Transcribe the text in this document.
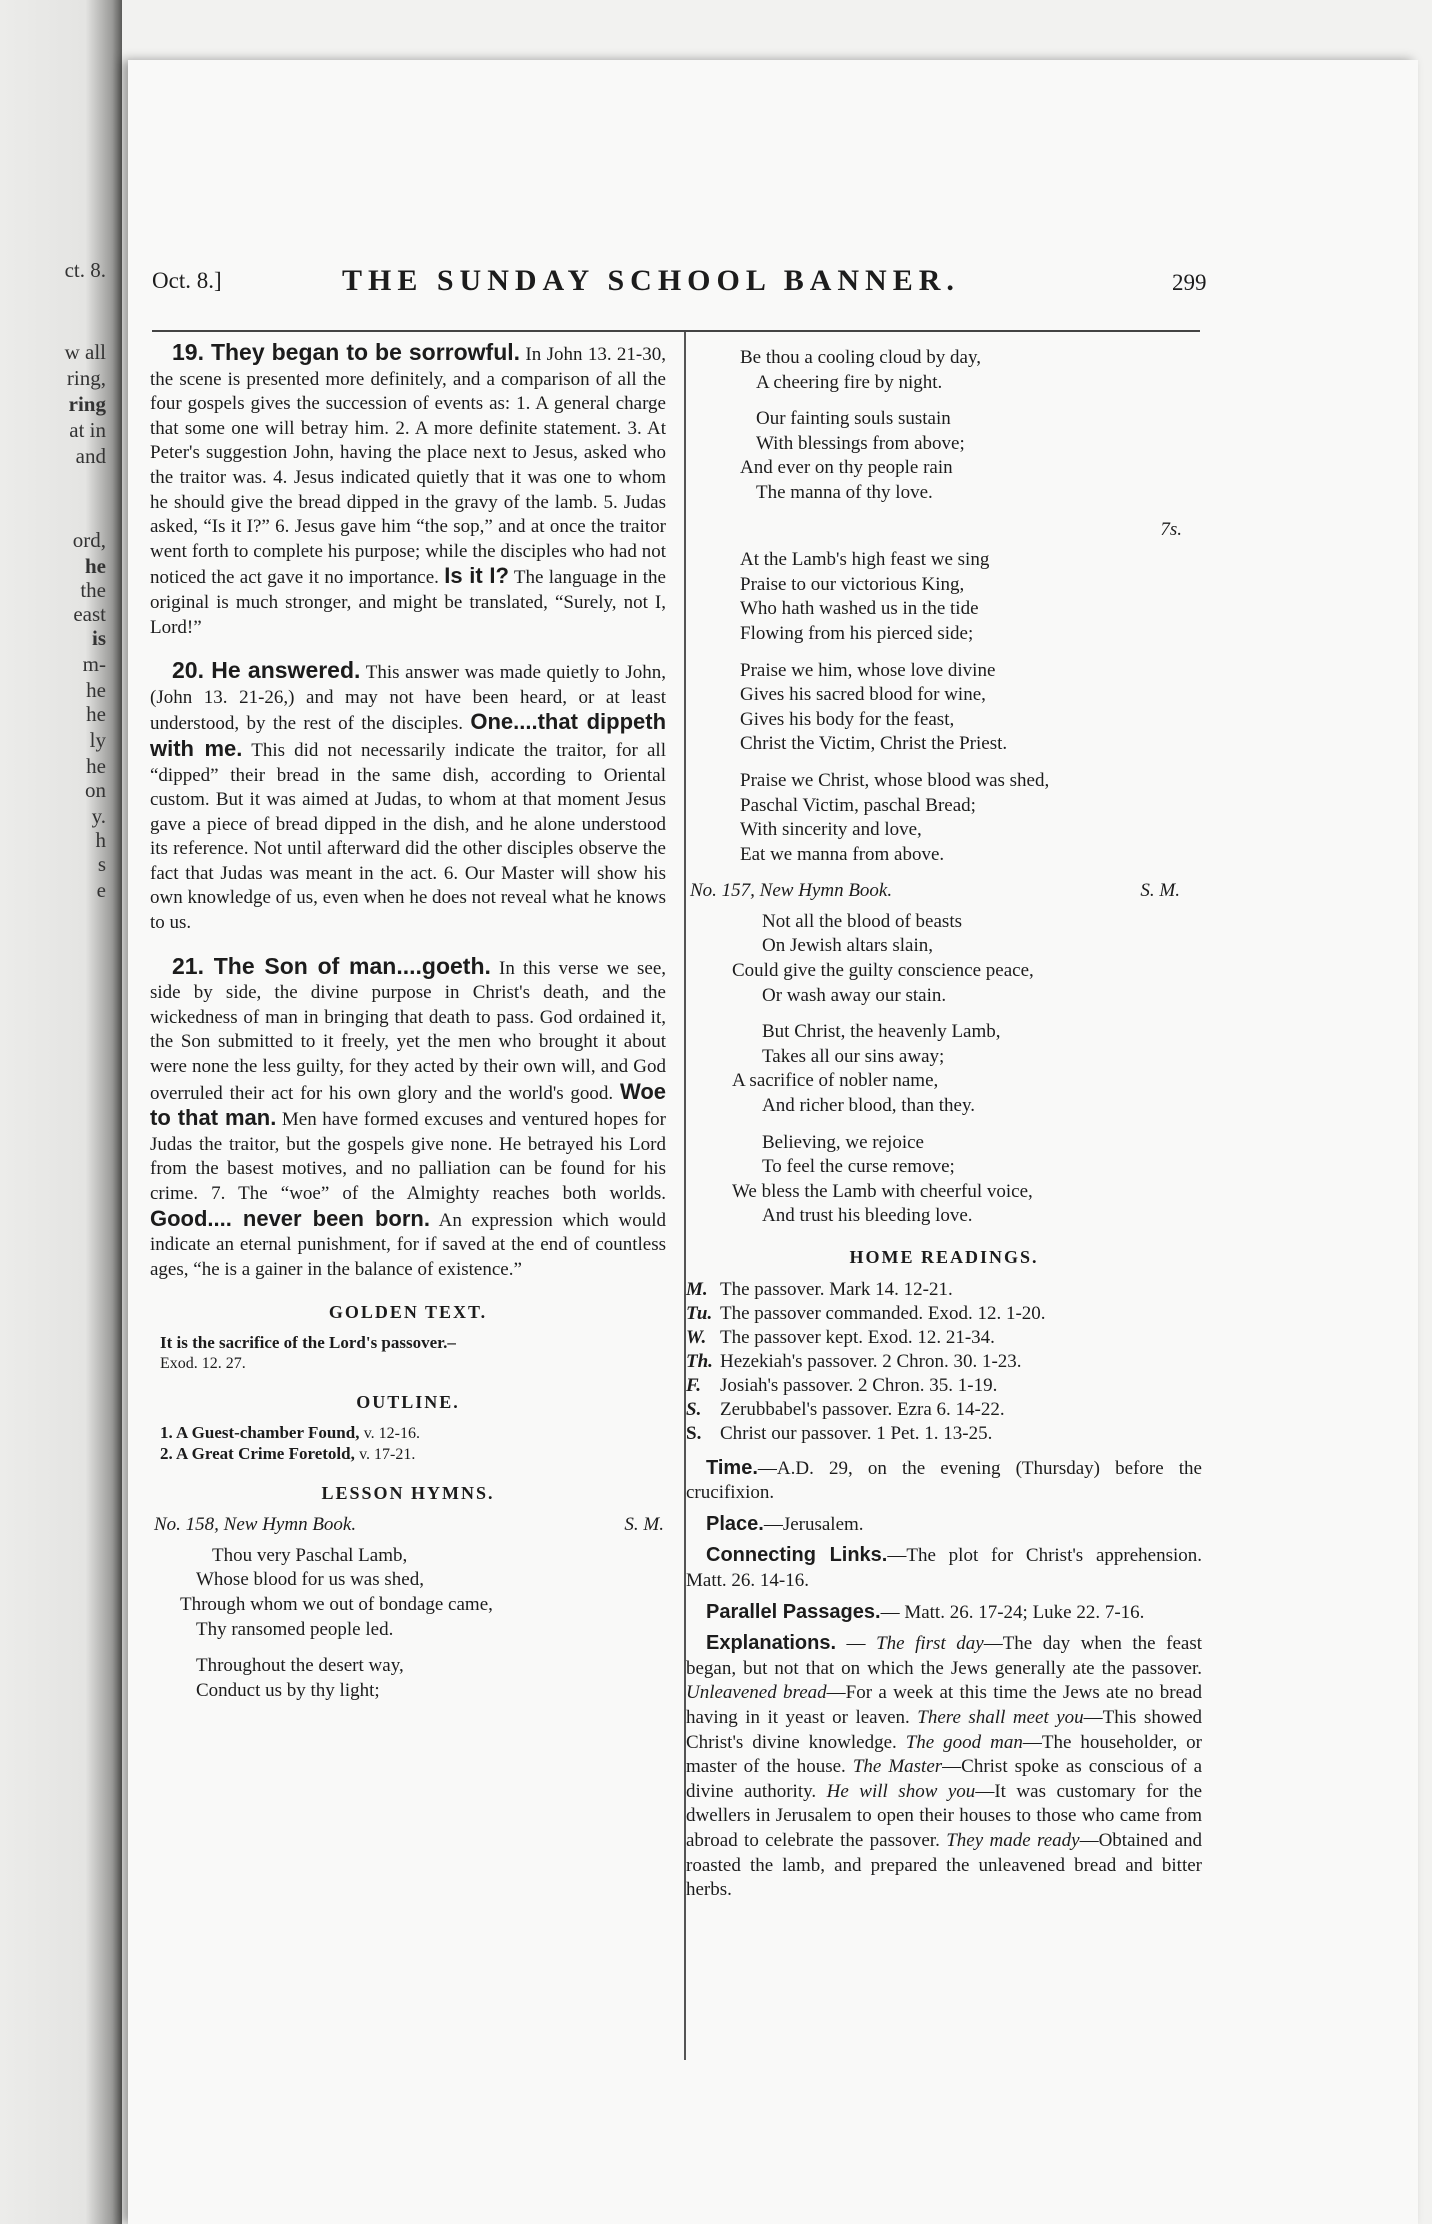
ct. 8.
w all
ring,
ring
at in
and
ord,
he
the
east
is
m-
he
he
ly
he
on
y.
h
s
e
Oct. 8.]	THE SUNDAY SCHOOL BANNER.	299

19. They began to be sorrowful. In John 13. 21-30, the scene is presented more definitely, and a comparison of all the four gospels gives the succession of events as: 1. A general charge that some one will betray him. 2. A more definite statement. 3. At Peter's suggestion John, having the place next to Jesus, asked who the traitor was. 4. Jesus indicated quietly that it was one to whom he should give the bread dipped in the gravy of the lamb. 5. Judas asked, “Is it I?” 6. Jesus gave him “the sop,” and at once the traitor went forth to complete his purpose; while the disciples who had not noticed the act gave it no importance. Is it I? The language in the original is much stronger, and might be translated, “Surely, not I, Lord!”

20. He answered. This answer was made quietly to John, (John 13. 21-26,) and may not have been heard, or at least understood, by the rest of the disciples. One....that dippeth with me. This did not necessarily indicate the traitor, for all “dipped” their bread in the same dish, according to Oriental custom. But it was aimed at Judas, to whom at that moment Jesus gave a piece of bread dipped in the dish, and he alone understood its reference. Not until afterward did the other disciples observe the fact that Judas was meant in the act. 6. Our Master will show his own knowledge of us, even when he does not reveal what he knows to us.

21. The Son of man....goeth. In this verse we see, side by side, the divine purpose in Christ's death, and the wickedness of man in bringing that death to pass. God ordained it, the Son submitted to it freely, yet the men who brought it about were none the less guilty, for they acted by their own will, and God overruled their act for his own glory and the world's good. Woe to that man. Men have formed excuses and ventured hopes for Judas the traitor, but the gospels give none. He betrayed his Lord from the basest motives, and no palliation can be found for his crime. 7. The “woe” of the Almighty reaches both worlds. Good.... never been born. An expression which would indicate an eternal punishment, for if saved at the end of countless ages, “he is a gainer in the balance of existence.”

GOLDEN TEXT.
It is the sacrifice of the Lord's passover.–
Exod. 12. 27.
OUTLINE.
1. A Guest-chamber Found, v. 12-16.
2. A Great Crime Foretold, v. 17-21.
LESSON HYMNS.
No. 158, New Hymn Book.	S. M.
Thou very Paschal Lamb,
Whose blood for us was shed,
Through whom we out of bondage came,
Thy ransomed people led.
Throughout the desert way,
Conduct us by thy light;
Be thou a cooling cloud by day,
A cheering fire by night.
Our fainting souls sustain
With blessings from above;
And ever on thy people rain
The manna of thy love.
7s.
At the Lamb's high feast we sing
Praise to our victorious King,
Who hath washed us in the tide
Flowing from his pierced side;
Praise we him, whose love divine
Gives his sacred blood for wine,
Gives his body for the feast,
Christ the Victim, Christ the Priest.
Praise we Christ, whose blood was shed,
Paschal Victim, paschal Bread;
With sincerity and love,
Eat we manna from above.
No. 157, New Hymn Book.	S. M.
Not all the blood of beasts
On Jewish altars slain,
Could give the guilty conscience peace,
Or wash away our stain.
But Christ, the heavenly Lamb,
Takes all our sins away;
A sacrifice of nobler name,
And richer blood, than they.
Believing, we rejoice
To feel the curse remove;
We bless the Lamb with cheerful voice,
And trust his bleeding love.
HOME READINGS.
M. The passover. Mark 14. 12-21.
Tu. The passover commanded. Exod. 12. 1-20.
W. The passover kept. Exod. 12. 21-34.
Th. Hezekiah's passover. 2 Chron. 30. 1-23.
F.	Josiah's passover. 2 Chron. 35. 1-19.
S. Zerubbabel's passover. Ezra 6. 14-22.
S. Christ our passover. 1 Pet. 1. 13-25.

Time.—A.D. 29, on the evening (Thursday) before the crucifixion.

Place.—Jerusalem.

Connecting Links.—The plot for Christ's apprehension. Matt. 26. 14-16.

Parallel Passages.— Matt. 26. 17-24; Luke 22. 7-16.

Explanations. — The first day—The day when the feast began, but not that on which the Jews generally ate the passover. Unleavened bread—For a week at this time the Jews ate no bread having in it yeast or leaven. There shall meet you—This showed Christ's divine knowledge. The good man—The householder, or master of the house. The Master—Christ spoke as conscious of a divine authority. He will show you—It was customary for the dwellers in Jerusalem to open their houses to those who came from abroad to celebrate the passover. They made ready—Obtained and roasted the lamb, and prepared the unleavened bread and bitter herbs.
